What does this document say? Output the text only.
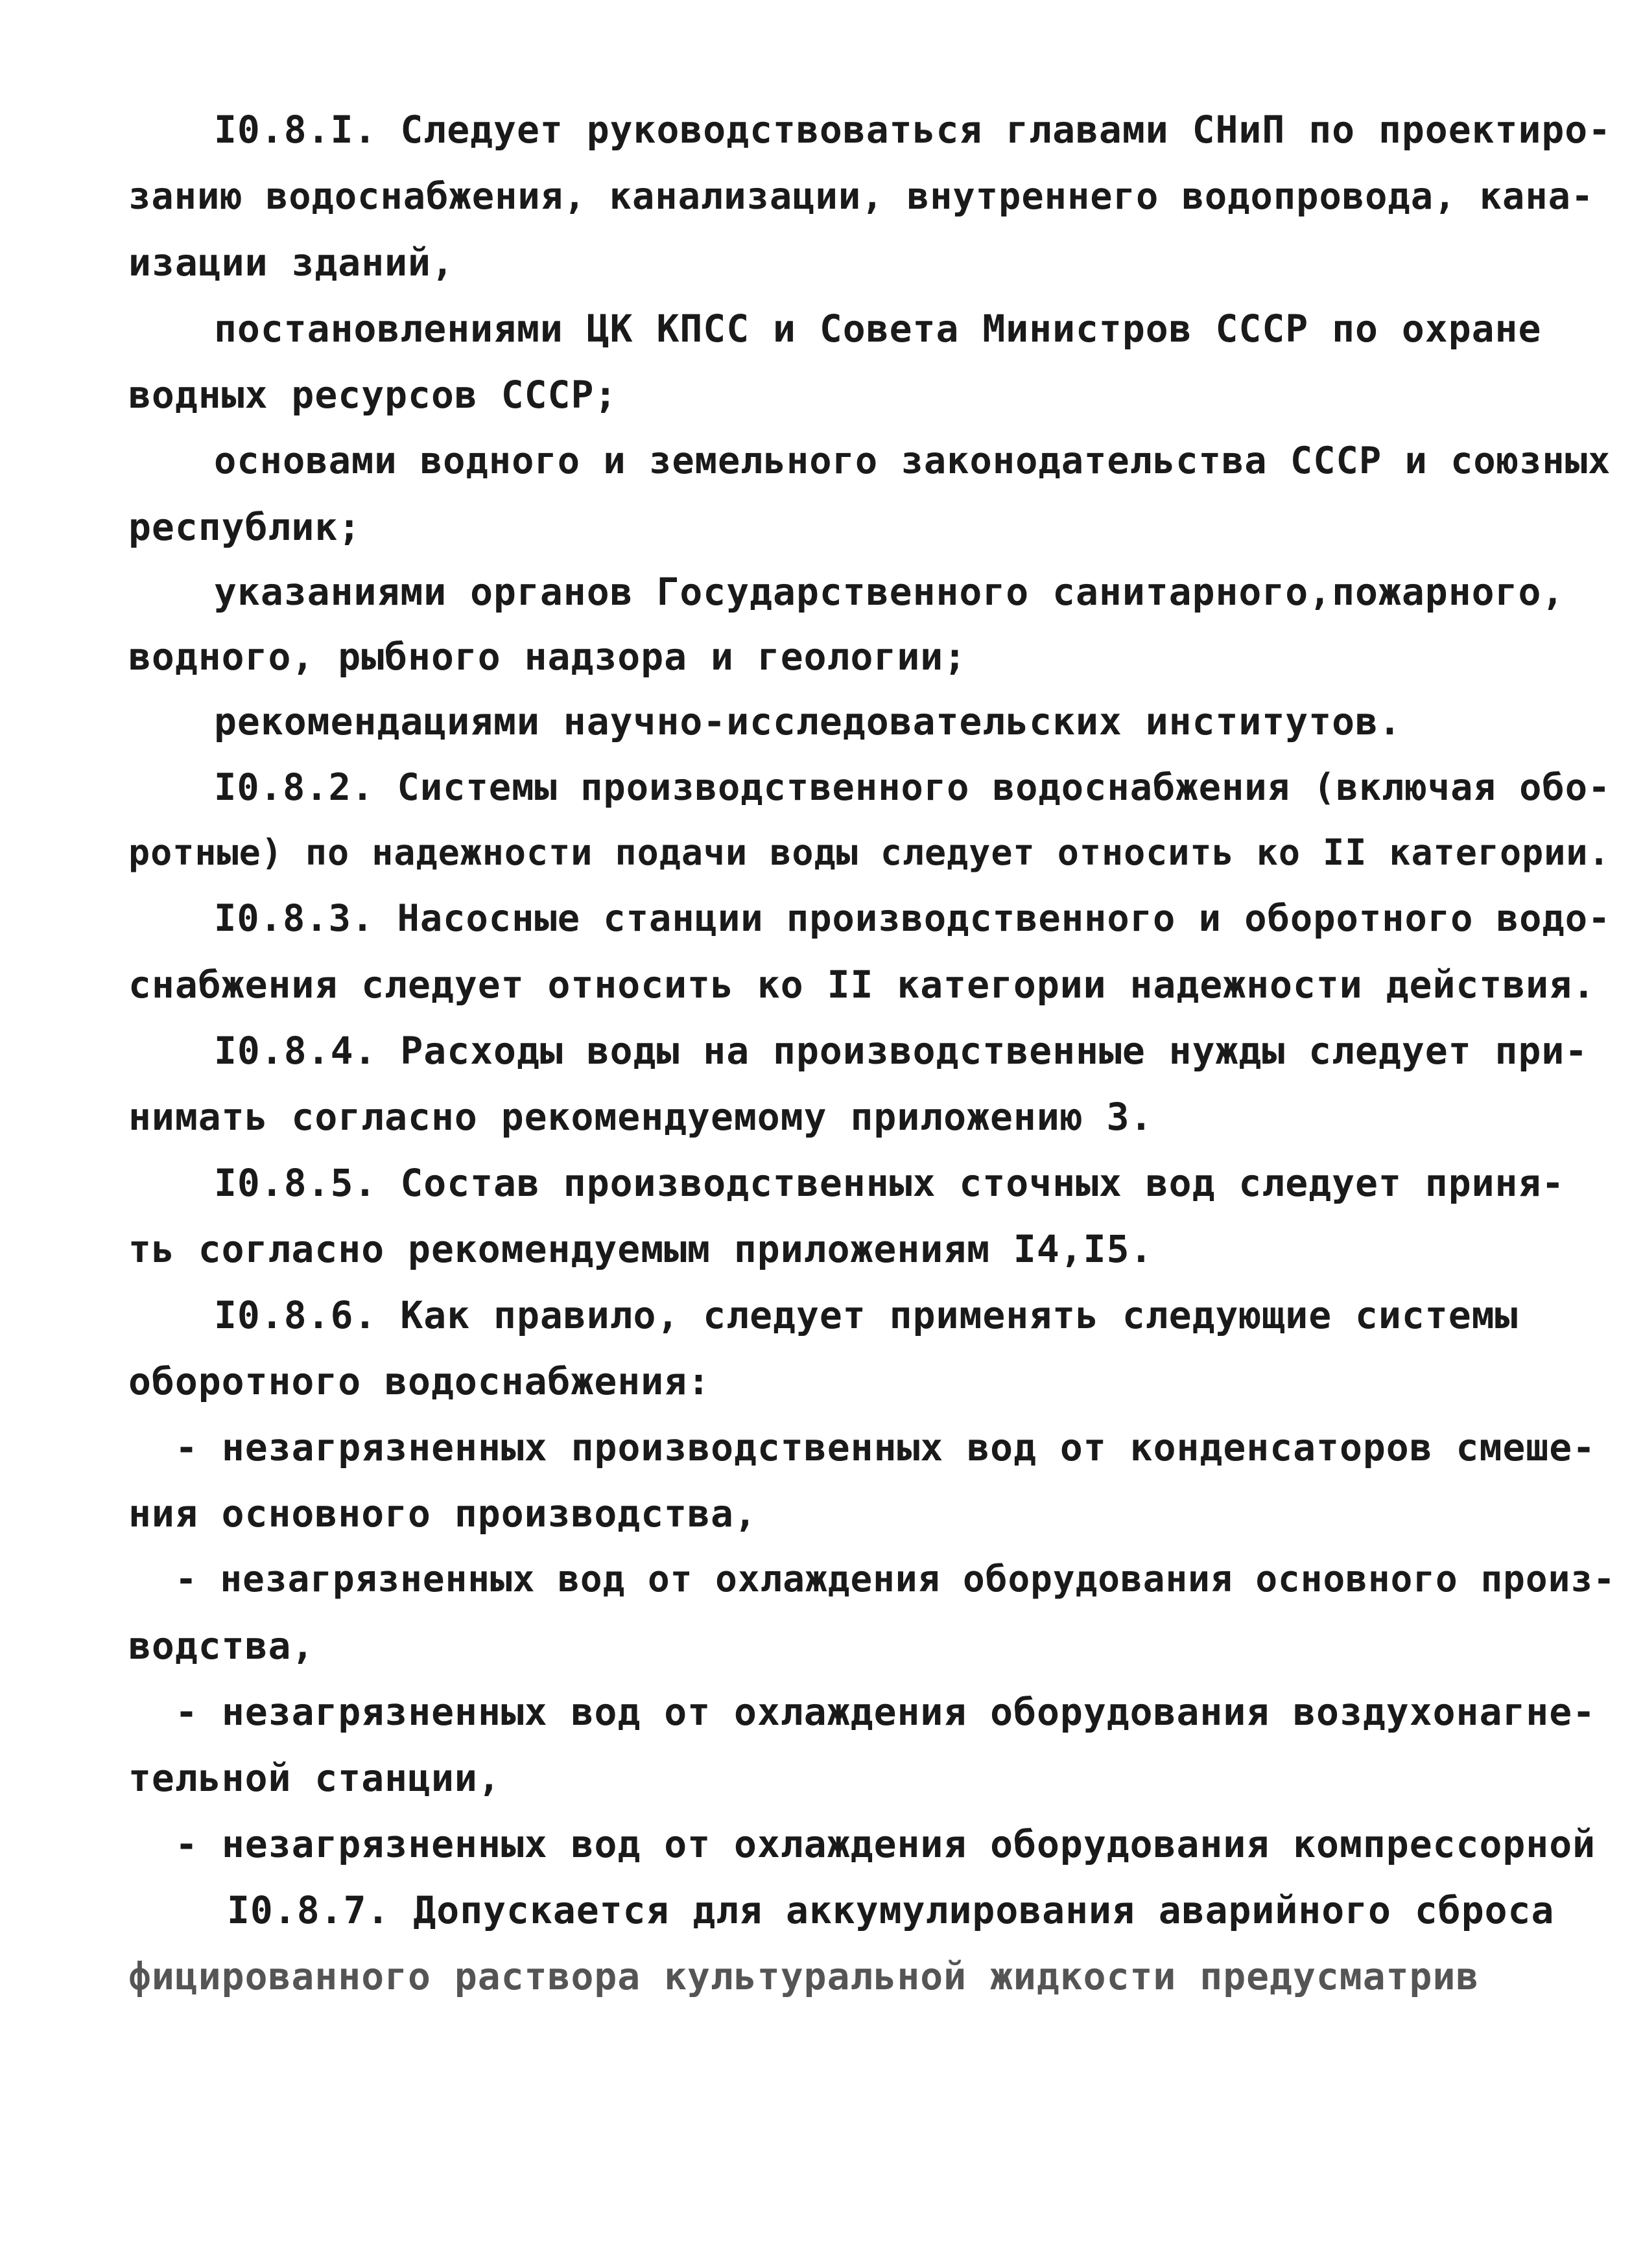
I0.8.I. Следует руководствоваться главами СНиП по проектиро-
занию водоснабжения, канализации, внутреннего водопровода, кана-
изации зданий,
постановлениями ЦК КПСС и Совета Министров СССР по охране
водных ресурсов СССР;
основами водного и земельного законодательства СССР и союзных
республик;
указаниями органов Государственного санитарного,пожарного,
водного, рыбного надзора и геологии;
рекомендациями научно-исследовательских институтов.
I0.8.2. Системы производственного водоснабжения (включая обо-
ротные) по надежности подачи воды следует относить ко II категории.
I0.8.3. Насосные станции производственного и оборотного водо-
снабжения следует относить ко II категории надежности действия.
I0.8.4. Расходы воды на производственные нужды следует при-
нимать согласно рекомендуемому приложению 3.
I0.8.5. Состав производственных сточных вод следует приня-
ть согласно рекомендуемым приложениям I4,I5.
I0.8.6. Как правило, следует применять следующие системы
оборотного водоснабжения:
- незагрязненных производственных вод от конденсаторов смеше-
ния основного производства,
- незагрязненных вод от охлаждения оборудования основного произ-
водства,
- незагрязненных вод от охлаждения оборудования воздухонагне-
тельной станции,
- незагрязненных вод от охлаждения оборудования компрессорной
I0.8.7. Допускается для аккумулирования аварийного сброса
фицированного раствора культуральной жидкости предусматрив
